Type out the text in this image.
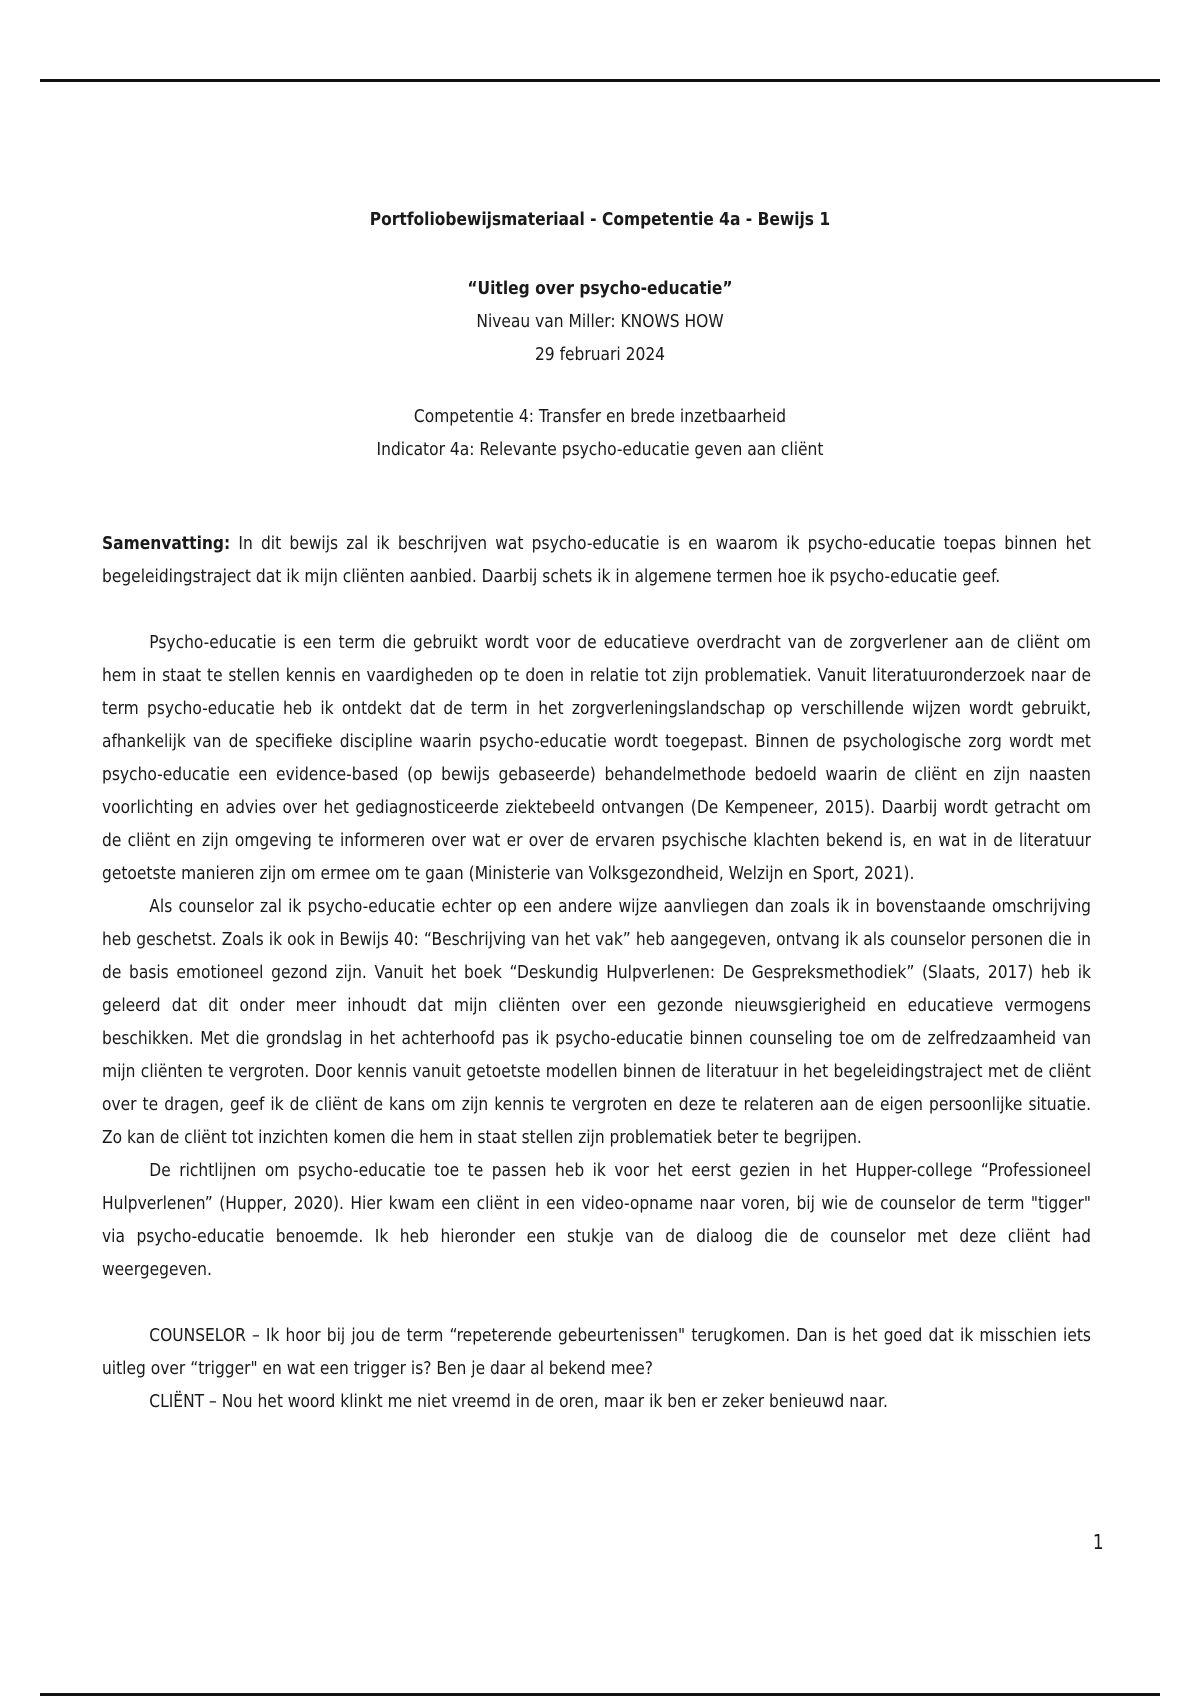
Portfoliobewijsmateriaal - Competentie 4a - Bewijs 1

“Uitleg over psycho-educatie”

Niveau van Miller: KNOWS HOW

29 februari 2024

Competentie 4: Transfer en brede inzetbaarheid

Indicator 4a: Relevante psycho-educatie geven aan cliënt

Samenvatting: In dit bewijs zal ik beschrijven wat psycho-educatie is en waarom ik psycho-educatie toepas binnen het begeleidingstraject dat ik mijn cliënten aanbied. Daarbij schets ik in algemene termen hoe ik psycho-educatie geef.

Psycho-educatie is een term die gebruikt wordt voor de educatieve overdracht van de zorgverlener aan de cliënt om hem in staat te stellen kennis en vaardigheden op te doen in relatie tot zijn problematiek. Vanuit literatuuronderzoek naar de term psycho-educatie heb ik ontdekt dat de term in het zorgverleningslandschap op verschillende wijzen wordt gebruikt, afhankelijk van de specifieke discipline waarin psycho-educatie wordt toegepast. Binnen de psychologische zorg wordt met psycho-educatie een evidence-based (op bewijs gebaseerde) behandelmethode bedoeld waarin de cliënt en zijn naasten voorlichting en advies over het gediagnosticeerde ziektebeeld ontvangen (De Kempeneer, 2015). Daarbij wordt getracht om de cliënt en zijn omgeving te informeren over wat er over de ervaren psychische klachten bekend is, en wat in de literatuur getoetste manieren zijn om ermee om te gaan (Ministerie van Volksgezondheid, Welzijn en Sport, 2021).

Als counselor zal ik psycho-educatie echter op een andere wijze aanvliegen dan zoals ik in bovenstaande omschrijving heb geschetst. Zoals ik ook in Bewijs 40: “Beschrijving van het vak” heb aangegeven, ontvang ik als counselor personen die in de basis emotioneel gezond zijn. Vanuit het boek “Deskundig Hulpverlenen: De Gespreksmethodiek” (Slaats, 2017) heb ik geleerd dat dit onder meer inhoudt dat mijn cliënten over een gezonde nieuwsgierigheid en educatieve vermogens beschikken. Met die grondslag in het achterhoofd pas ik psycho-educatie binnen counseling toe om de zelfredzaamheid van mijn cliënten te vergroten. Door kennis vanuit getoetste modellen binnen de literatuur in het begeleidingstraject met de cliënt over te dragen, geef ik de cliënt de kans om zijn kennis te vergroten en deze te relateren aan de eigen persoonlijke situatie. Zo kan de cliënt tot inzichten komen die hem in staat stellen zijn problematiek beter te begrijpen.

De richtlijnen om psycho-educatie toe te passen heb ik voor het eerst gezien in het Hupper-college “Professioneel Hulpverlenen” (Hupper, 2020). Hier kwam een cliënt in een video-opname naar voren, bij wie de counselor de term "tigger" via psycho-educatie benoemde. Ik heb hieronder een stukje van de dialoog die de counselor met deze cliënt had weergegeven.

COUNSELOR – Ik hoor bij jou de term “repeterende gebeurtenissen" terugkomen. Dan is het goed dat ik misschien iets uitleg over “trigger" en wat een trigger is? Ben je daar al bekend mee?

CLIËNT – Nou het woord klinkt me niet vreemd in de oren, maar ik ben er zeker benieuwd naar.

1
